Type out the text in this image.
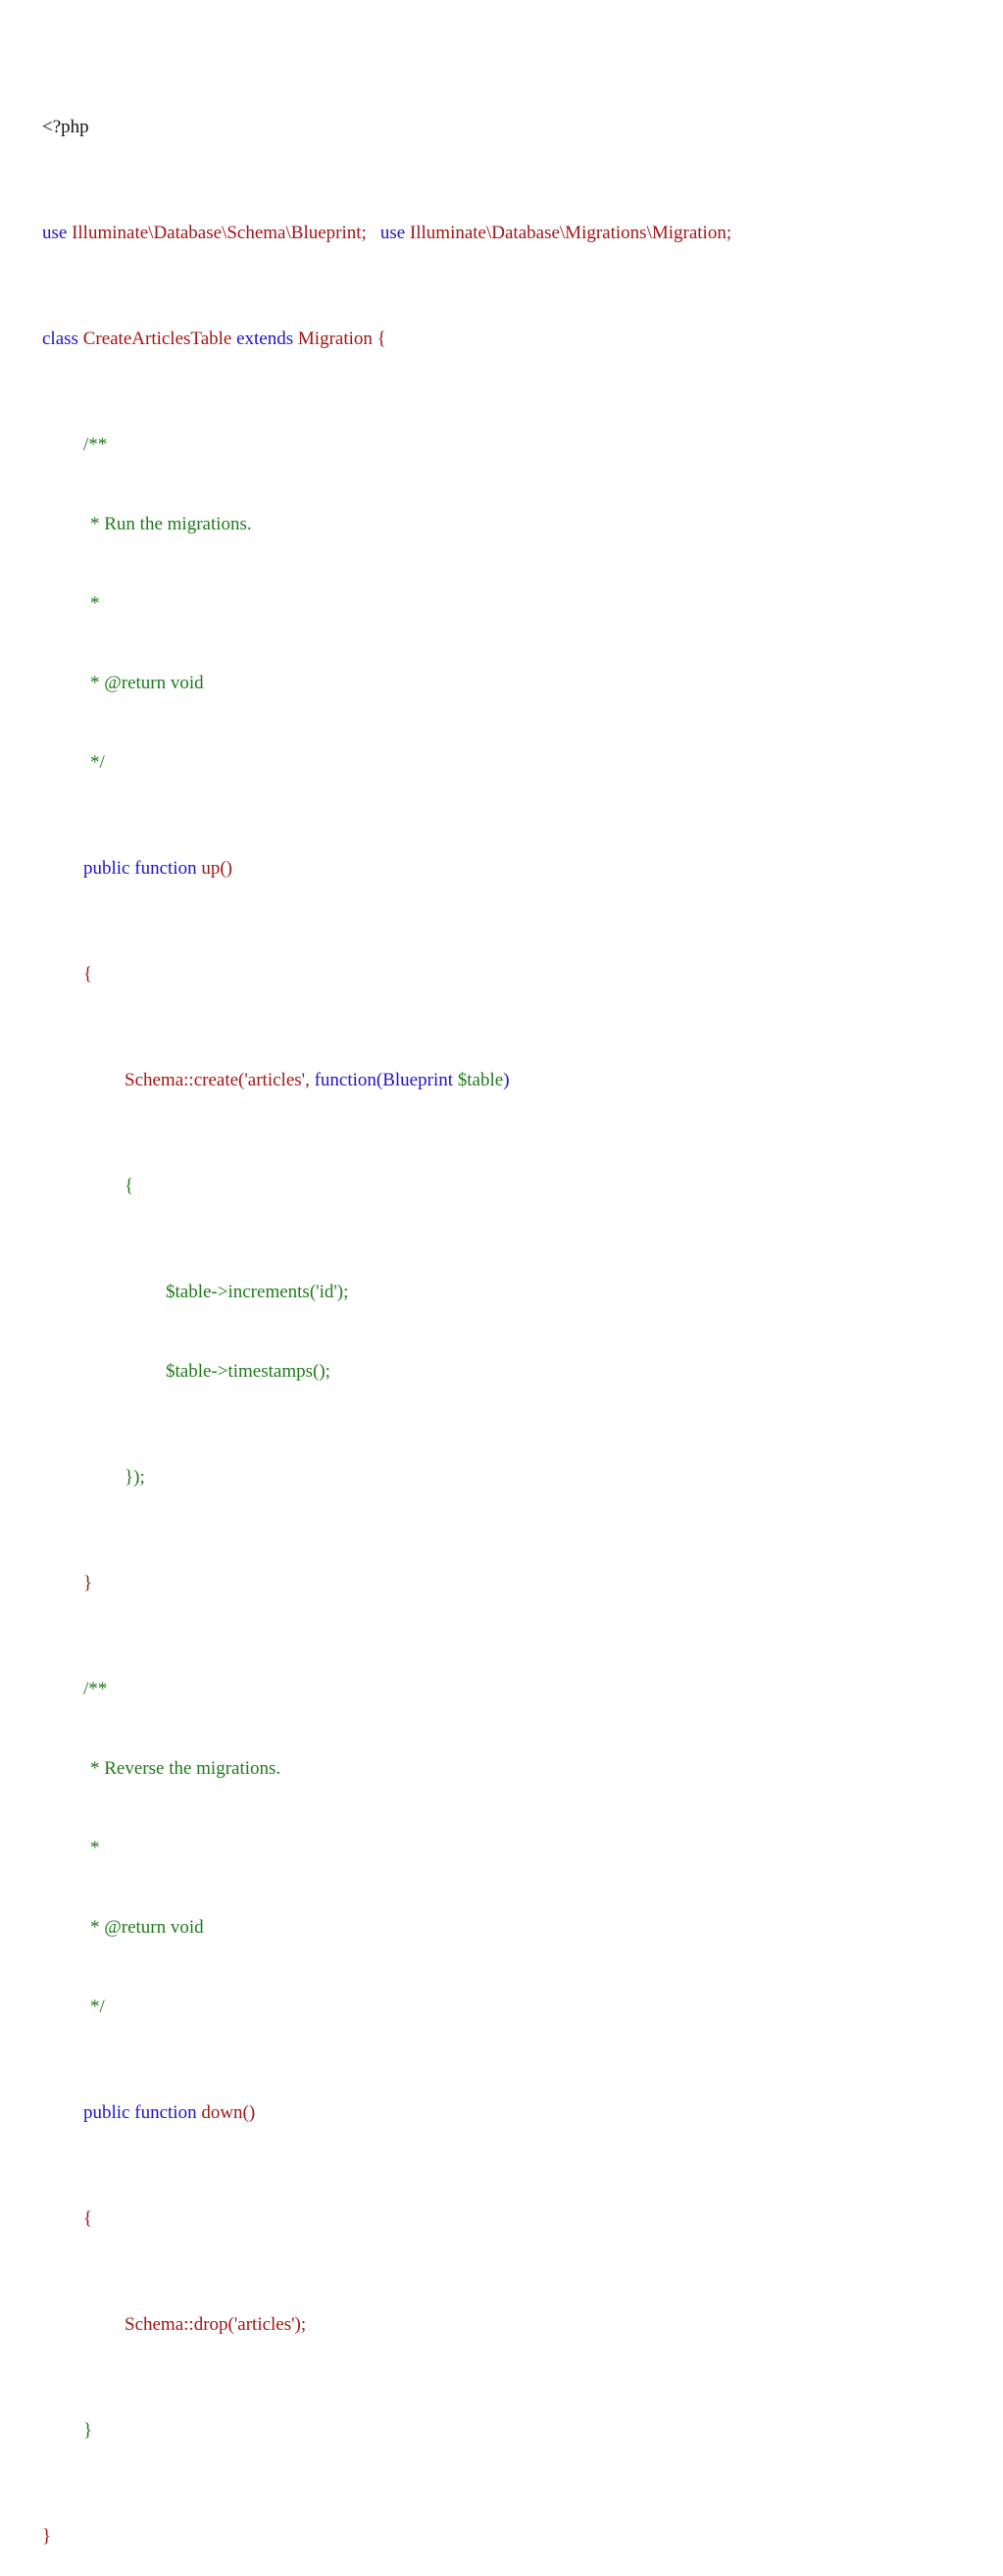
<?php

use Illuminate\Database\Schema\Blueprint; use Illuminate\Database\Migrations\Migration;

class CreateArticlesTable extends Migration {

/**

* Run the migrations.

*

* @return void

*/

public function up()

{

Schema::create('articles', function(Blueprint $table)

{

$table->increments('id');

$table->timestamps();

});

}

/**

* Reverse the migrations.

*

* @return void

*/

public function down()

{

Schema::drop('articles');

}

}
